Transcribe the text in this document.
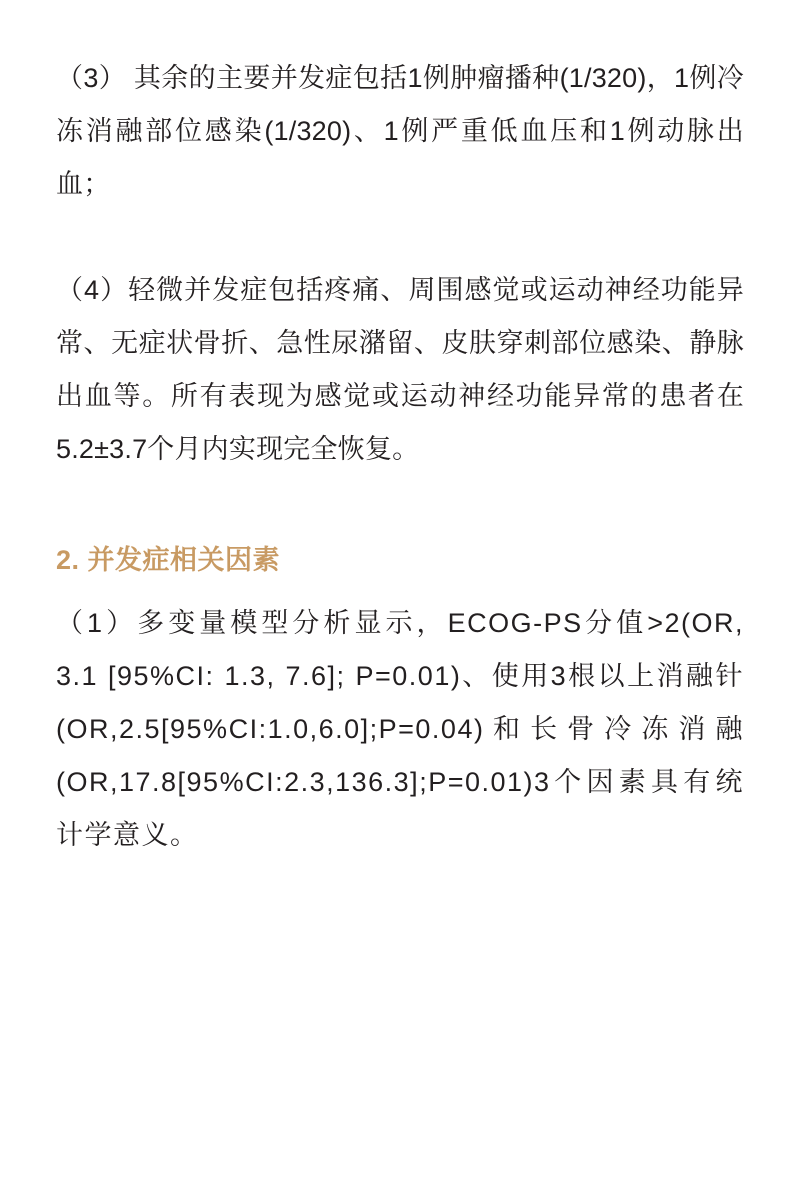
（3） 其余的主要并发症包括1例肿瘤播种(1/320)，1例冷冻消融部位感染(1/320)、1例严重低血压和1例动脉出血；

（4）轻微并发症包括疼痛、周围感觉或运动神经功能异常、无症状骨折、急性尿潴留、皮肤穿刺部位感染、静脉出血等。所有表现为感觉或运动神经功能异常的患者在5.2±3.7个月内实现完全恢复。

2. 并发症相关因素

（1）多变量模型分析显示，ECOG-PS分值>2(OR, 3.1 [95%CI: 1.3, 7.6]; P=0.01)、使用3根以上消融针(OR,2.5[95%CI:1.0,6.0];P=0.04)和长骨冷冻消融(OR,17.8[95%CI:2.3,136.3];P=0.01)3个因素具有统计学意义。
